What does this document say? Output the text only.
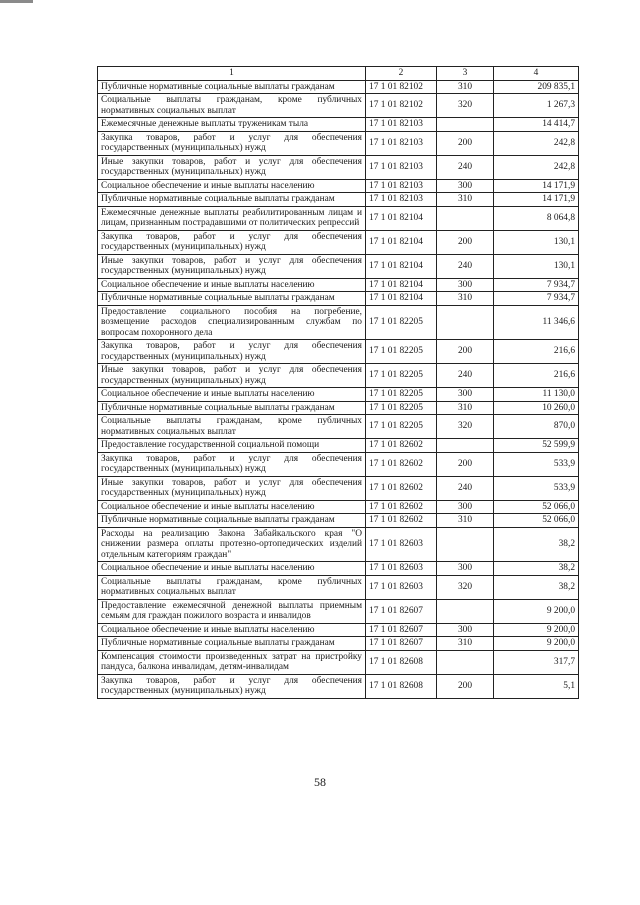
1	2	3	4
Публичные нормативные социальные выплаты гражданам	17 1 01 82102	310	209 835,1
Социальные выплаты гражданам, кроме публичных нормативных социальных выплат	17 1 01 82102	320	1 267,3
Ежемесячные денежные выплаты труженикам тыла	17 1 01 82103		14 414,7
Закупка товаров, работ и услуг для обеспечения государственных (муниципальных) нужд	17 1 01 82103	200	242,8
Иные закупки товаров, работ и услуг для обеспечения государственных (муниципальных) нужд	17 1 01 82103	240	242,8
Социальное обеспечение и иные выплаты населению	17 1 01 82103	300	14 171,9
Публичные нормативные социальные выплаты гражданам	17 1 01 82103	310	14 171,9
Ежемесячные денежные выплаты реабилитированным лицам и лицам, признанным пострадавшими от политических репрессий	17 1 01 82104		8 064,8
Закупка товаров, работ и услуг для обеспечения государственных (муниципальных) нужд	17 1 01 82104	200	130,1
Иные закупки товаров, работ и услуг для обеспечения государственных (муниципальных) нужд	17 1 01 82104	240	130,1
Социальное обеспечение и иные выплаты населению	17 1 01 82104	300	7 934,7
Публичные нормативные социальные выплаты гражданам	17 1 01 82104	310	7 934,7
Предоставление социального пособия на погребение, возмещение расходов специализированным службам по вопросам похоронного дела	17 1 01 82205		11 346,6
Закупка товаров, работ и услуг для обеспечения государственных (муниципальных) нужд	17 1 01 82205	200	216,6
Иные закупки товаров, работ и услуг для обеспечения государственных (муниципальных) нужд	17 1 01 82205	240	216,6
Социальное обеспечение и иные выплаты населению	17 1 01 82205	300	11 130,0
Публичные нормативные социальные выплаты гражданам	17 1 01 82205	310	10 260,0
Социальные выплаты гражданам, кроме публичных нормативных социальных выплат	17 1 01 82205	320	870,0
Предоставление государственной социальной помощи	17 1 01 82602		52 599,9
Закупка товаров, работ и услуг для обеспечения государственных (муниципальных) нужд	17 1 01 82602	200	533,9
Иные закупки товаров, работ и услуг для обеспечения государственных (муниципальных) нужд	17 1 01 82602	240	533,9
Социальное обеспечение и иные выплаты населению	17 1 01 82602	300	52 066,0
Публичные нормативные социальные выплаты гражданам	17 1 01 82602	310	52 066,0
Расходы на реализацию Закона Забайкальского края "О снижении размера оплаты протезно-ортопедических изделий отдельным категориям граждан"	17 1 01 82603		38,2
Социальное обеспечение и иные выплаты населению	17 1 01 82603	300	38,2
Социальные выплаты гражданам, кроме публичных нормативных социальных выплат	17 1 01 82603	320	38,2
Предоставление ежемесячной денежной выплаты приемным семьям для граждан пожилого возраста и инвалидов	17 1 01 82607		9 200,0
Социальное обеспечение и иные выплаты населению	17 1 01 82607	300	9 200,0
Публичные нормативные социальные выплаты гражданам	17 1 01 82607	310	9 200,0
Компенсация стоимости произведенных затрат на пристройку пандуса, балкона инвалидам, детям-инвалидам	17 1 01 82608		317,7
Закупка товаров, работ и услуг для обеспечения государственных (муниципальных) нужд	17 1 01 82608	200	5,1
58
